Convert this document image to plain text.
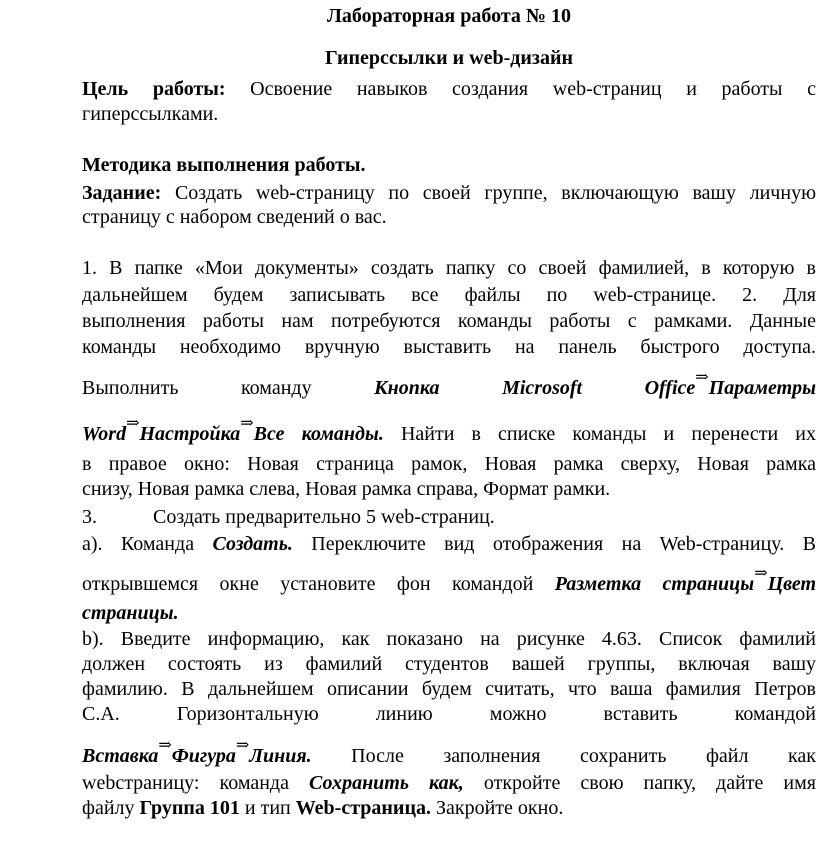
Лабораторная работа № 10
Гиперссылки и web-дизайн
Цель работы: Освоение навыков создания web-страниц и работы с
гиперссылками.
Методика выполнения работы.
Задание: Создать web-страницу по своей группе, включающую вашу личную
страницу с набором сведений о вас.
1. В папке «Мои документы» создать папку со своей фамилией, в которую в
дальнейшем будем записывать все файлы по web-странице. 2. Для
выполнения работы нам потребуются команды работы с рамками. Данные
команды необходимо вручную выставить на панель быстрого доступа.
Выполнить	команду	Кнопка	Microsoft	Office⇒Параметры
Word⇒Настройка⇒Все команды. Найти в списке команды и перенести их
в правое окно: Новая страница рамок, Новая рамка сверху, Новая рамка
снизу, Новая рамка слева, Новая рамка справа, Формат рамки.
3.	Создать предварительно 5 web-страниц.
а). Команда Создать. Переключите вид отображения на Web-страницу. В
открывшемся окне установите фон командой Разметка страницы⇒Цвет
страницы.
b). Введите информацию, как показано на рисунке 4.63. Список фамилий
должен состоять из фамилий студентов вашей группы, включая вашу
фамилию. В дальнейшем описании будем считать, что ваша фамилия Петров
С.А.	Горизонтальную	линию	можно	вставить	командой
Вставка⇒Фигура⇒Линия. После заполнения сохранить файл как
webстраницу: команда Сохранить как, откройте свою папку, дайте имя
файлу Группа 101 и тип Web-страница. Закройте окно.
